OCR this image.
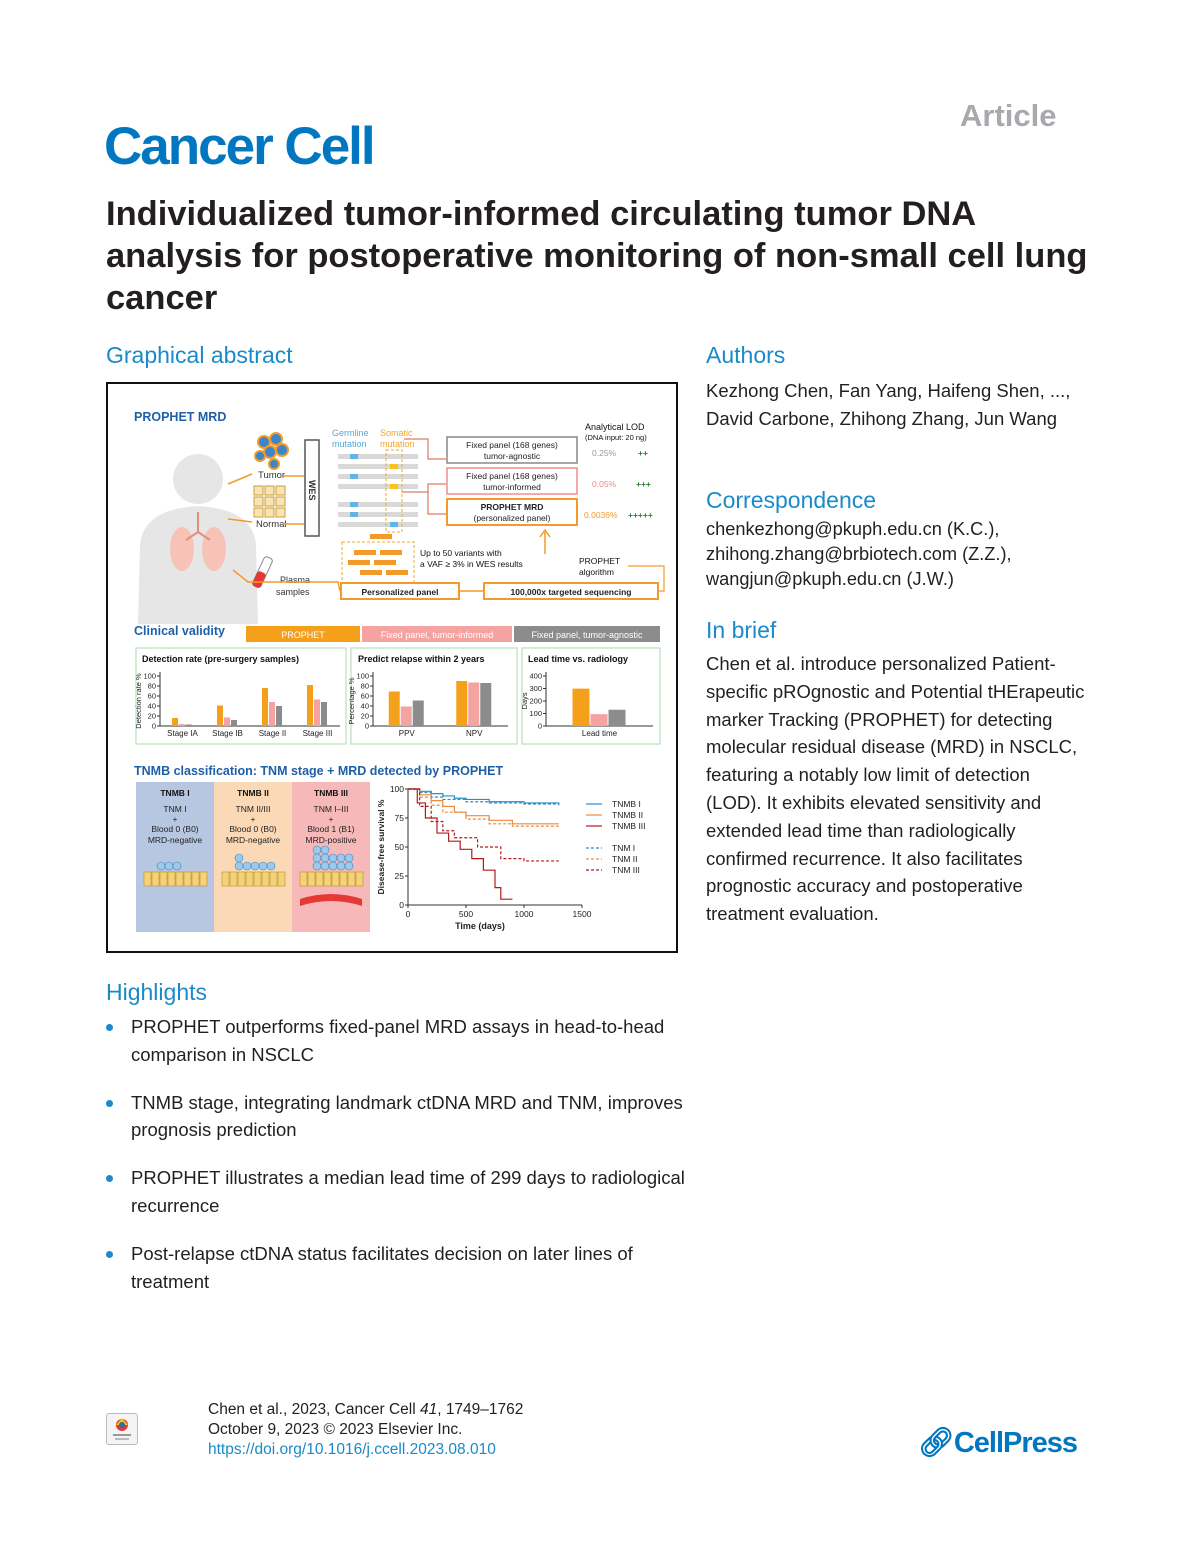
Article
Cancer Cell
Individualized tumor-informed circulating tumor DNA analysis for postoperative monitoring of non-small cell lung cancer
Graphical abstract	Authors
Kezhong Chen, Fan Yang, Haifeng Shen, ..., David Carbone, Zhihong Zhang, Jun Wang
Correspondence
chenkezhong@pkuph.edu.cn (K.C.),
zhihong.zhang@brbiotech.com (Z.Z.),
wangjun@pkuph.edu.cn (J.W.)
In brief
Chen et al. introduce personalized Patient-specific pROgnostic and Potential tHErapeutic marker Tracking (PROPHET) for detecting molecular residual disease (MRD) in NSCLC, featuring a notably low limit of detection (LOD). It exhibits elevated sensitivity and extended lead time than radiologically confirmed recurrence. It also facilitates prognostic accuracy and postoperative treatment evaluation.
PROPHET MRD
Tumor
Normal
WES
Germline Somatic
mutation mutation	Fixed panel (168 genes)
tumor-agnostic
Fixed panel (168 genes)
tumor-informed
PROPHET MRD
(personalized panel)
Analytical LOD
(DNA input: 20 ng)
0.25%	++
0.05% +++
0.0036% +++++
Up to 50 variants with
a VAF ≥ 3% in WES results	PROPHET
algorithm
Plasma
samples	Personalized panel	100,000x targeted sequencing
Clinical validity	PROPHET	Fixed panel, tumor-informed	Fixed panel, tumor-agnostic
Detection rate (pre-surgery samples)
Detection rate % 0
20
40
60
80
100
Stage IA Stage IB Stage II Stage III
Predict relapse within 2 years
Percentage %
0
20
40
60
80
100
PPV	NPV
Lead time vs. radiology
Days
0
100
200
300
400
Lead time
TNMB classification: TNM stage + MRD detected by PROPHET
TNMB I
TNM I
+
Blood 0 (B0)
MRD-negative
TNMB II
TNM II/III
+
Blood 0 (B0)
MRD-negative
TNMB III
TNM I–III
+
Blood 1 (B1)
MRD-positive Disease-free survival %
Time (days)
0
25
50
75
100
0	500	1000	1500
TNMB I
TNMB II
TNMB III
TNM I
TNM II
TNM III
Highlights
PROPHET outperforms fixed-panel MRD assays in head-to-head comparison in NSCLC
TNMB stage, integrating landmark ctDNA MRD and TNM, improves prognosis prediction
PROPHET illustrates a median lead time of 299 days to radiological recurrence
Post-relapse ctDNA status facilitates decision on later lines of treatment
Chen et al., 2023, Cancer Cell 41, 1749–1762
October 9, 2023 © 2023 Elsevier Inc.
https://doi.org/10.1016/j.ccell.2023.08.010	🔗︎CellPress
